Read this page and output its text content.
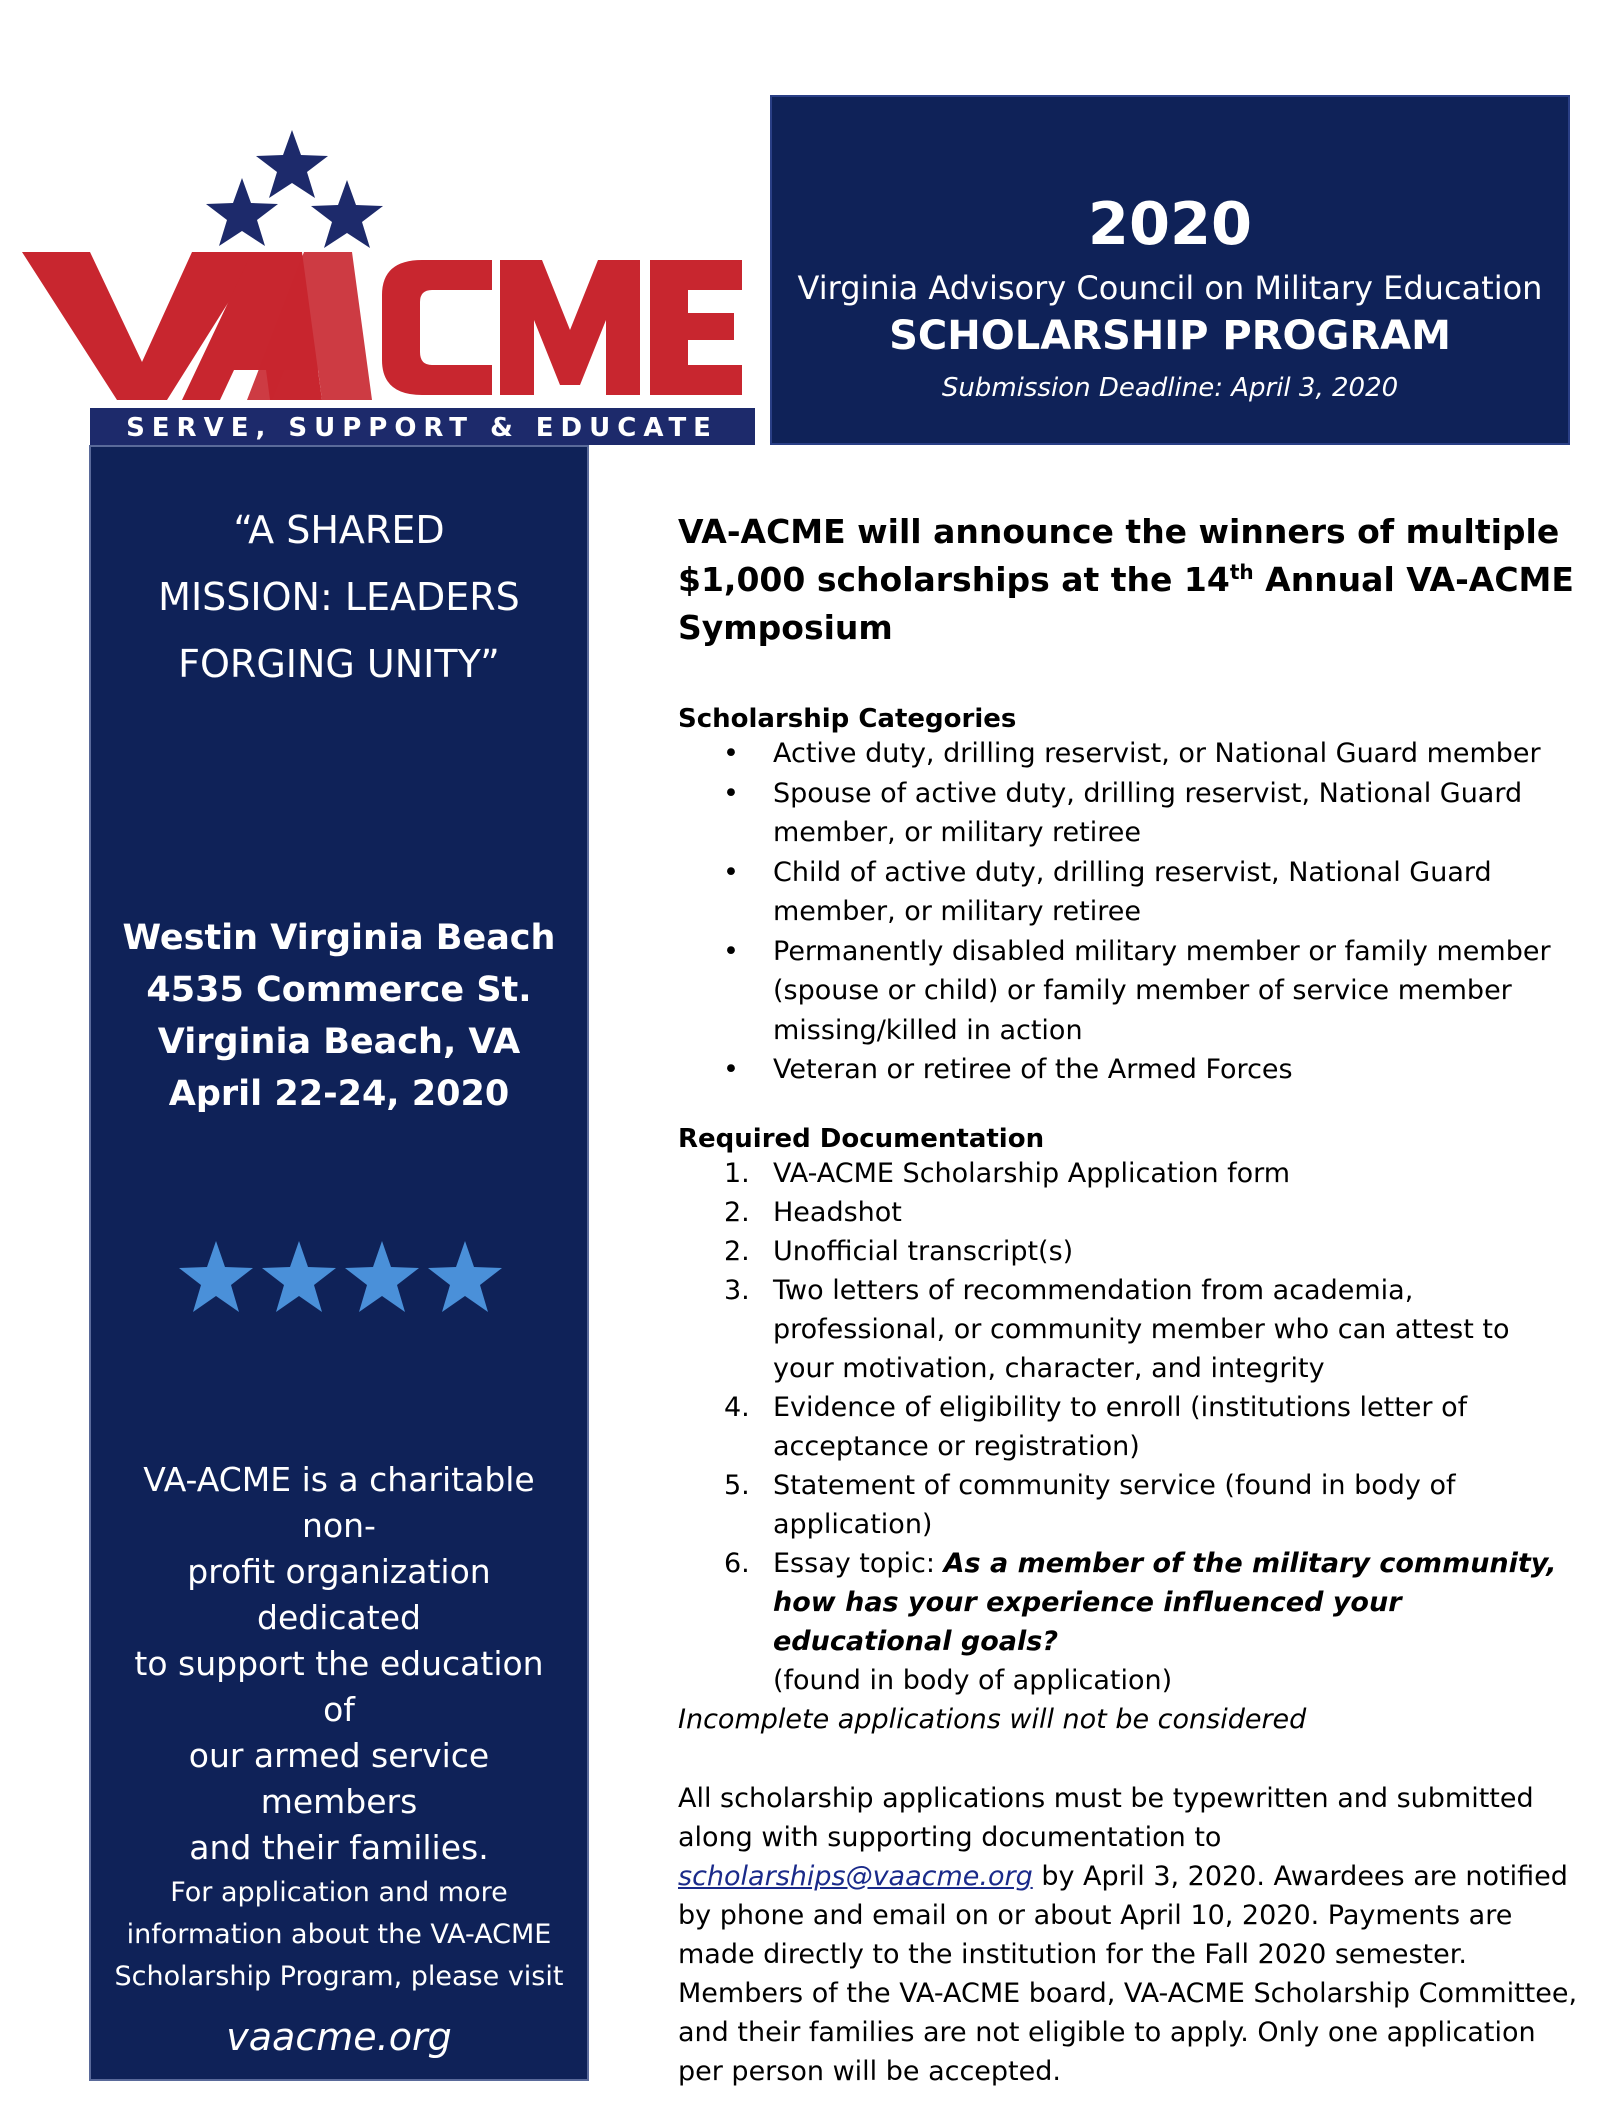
SERVE, SUPPORT & EDUCATE
2020
Virginia Advisory Council on Military Education
SCHOLARSHIP PROGRAM
Submission Deadline: April 3, 2020
“A SHARED
MISSION: LEADERS
FORGING UNITY”
Westin Virginia Beach
4535 Commerce St.
Virginia Beach, VA
April 22-24, 2020
VA-ACME is a charitable non-
profit organization dedicated
to support the education of
our armed service members
and their families.
For application and more
information about the VA-ACME
Scholarship Program, please visit
vaacme.org

VA-ACME will announce the winners of multiple $1,000 scholarships at the 14th Annual VA-ACME Symposium

Scholarship Categories

• Active duty, drilling reservist, or National Guard member
• Spouse of active duty, drilling reservist, National Guard member, or military retiree
• Child of active duty, drilling reservist, National Guard member, or military retiree
• Permanently disabled military member or family member (spouse or child) or family member of service member missing/killed in action
• Veteran or retiree of the Armed Forces

Required Documentation

1. VA-ACME Scholarship Application form
2. Headshot
2. Unofficial transcript(s)
3. Two letters of recommendation from academia, professional, or community member who can attest to your motivation, character, and integrity
4. Evidence of eligibility to enroll (institutions letter of acceptance or registration)
5. Statement of community service (found in body of application)
6. Essay topic: As a member of the military community, how has your experience influenced your educational goals?
(found in body of application)
Incomplete applications will not be considered
All scholarship applications must be typewritten and submitted along with supporting documentation to scholarships@vaacme.org by April 3, 2020. Awardees are notified by phone and email on or about April 10, 2020. Payments are made directly to the institution for the Fall 2020 semester. Members of the VA-ACME board, VA-ACME Scholarship Committee, and their families are not eligible to apply. Only one application per person will be accepted.
